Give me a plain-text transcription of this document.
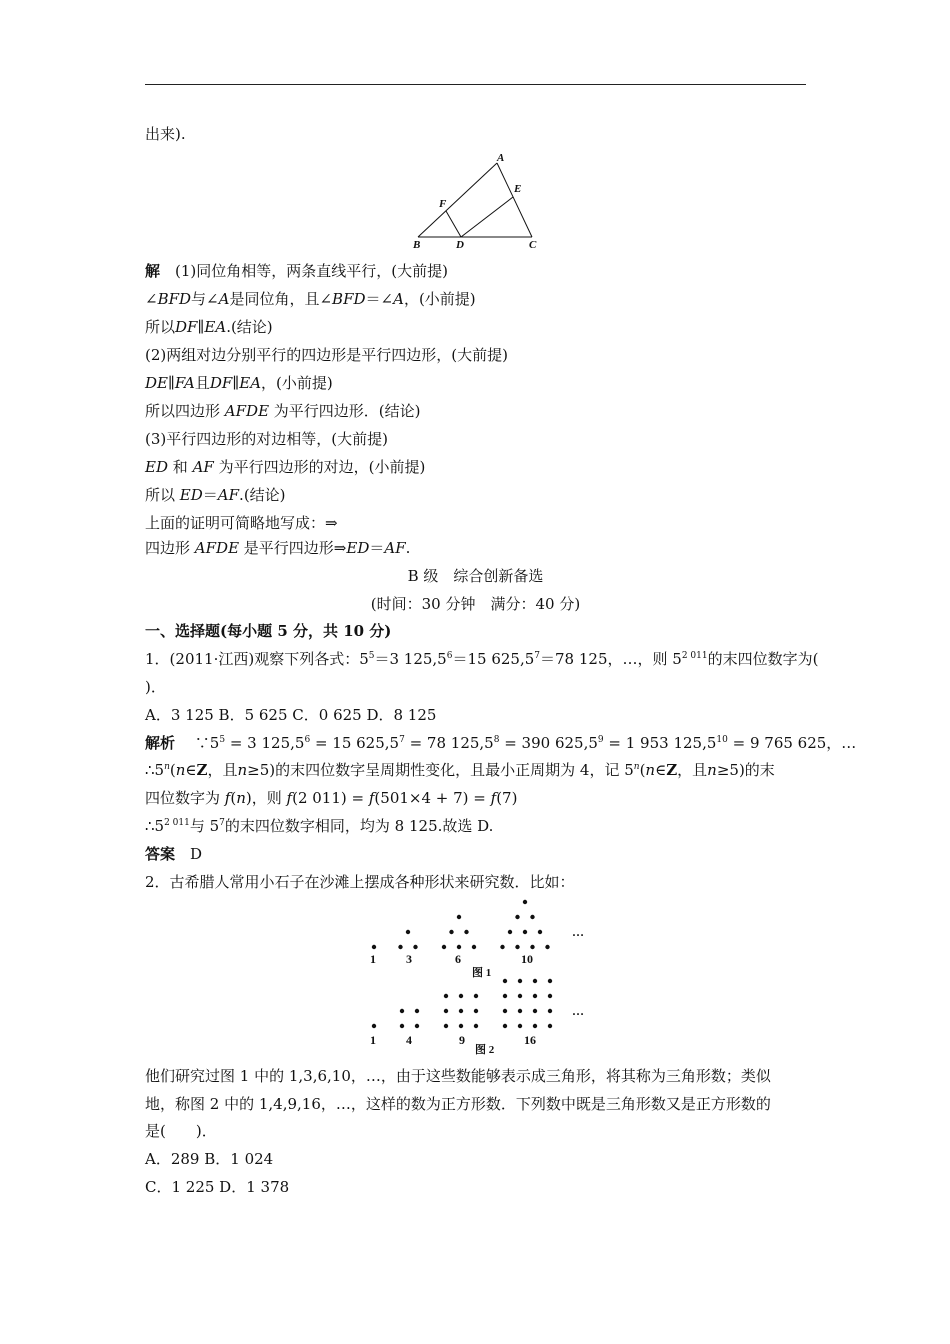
出来).
A
E
F
B	D	C
解　 (1)同位角相等，两条直线平行，(大前提)
∠BFD与∠A是同位角，且∠BFD＝∠A，(小前提)
所以DF∥EA.(结论)
(2)两组对边分别平行的四边形是平行四边形，(大前提)
DE∥FA且DF∥EA，(小前提)
所以四边形 AFDE 为平行四边形．(结论)
(3)平行四边形的对边相等，(大前提)
ED 和 AF 为平行四边形的对边，(小前提)
所以 ED＝AF.(结论)
上面的证明可简略地写成：⇒
四边形 AFDE 是平行四边形⇒ED＝AF.
B 级　综合创新备选
(时间：30 分钟　满分：40 分)
一、选择题(每小题 5 分，共 10 分)
1．(2011·江西)观察下列各式：$5^5=3$ $125,5^6=15$ $625,5^7=78$ 125，…，则 $5^{2 011}$的末四位数字为(
)．
A．3 125 B．5 625 C．0 625 D．8 125
解析　 $\because 5^5 = 3$ $125,5^6 = 15$ $625,5^7 = 78$ $125,5^8 = 390$ $625,5^9 = 1$ 953 $125,5^{10} = 9$ 765 625，…
∴5$^n$(n∈Z，且n≥5)的末四位数字呈周期性变化，且最小正周期为 4，记 5$^n$(n∈Z，且n≥5)的末
四位数字为 f(n)，则 f(2 011) = f(501×4 + 7) = f(7)
$\therefore 5^{2 011}$与 $5^7$的末四位数字相同，均为 8 125.故选 D.
答案　 D
2．古希腊人常用小石子在沙滩上摆成各种形状来研究数．比如：
1	3	6	10
…
图 1
1	4	9	16
…
图 2
他们研究过图 1 中的 1,3,6,10，…，由于这些数能够表示成三角形，将其称为三角形数；类似
地，称图 2 中的 1,4,9,16，…，这样的数为正方形数．下列数中既是三角形数又是正方形数的
是(　　)．
A．289 B．1 024
C．1 225 D．1 378
